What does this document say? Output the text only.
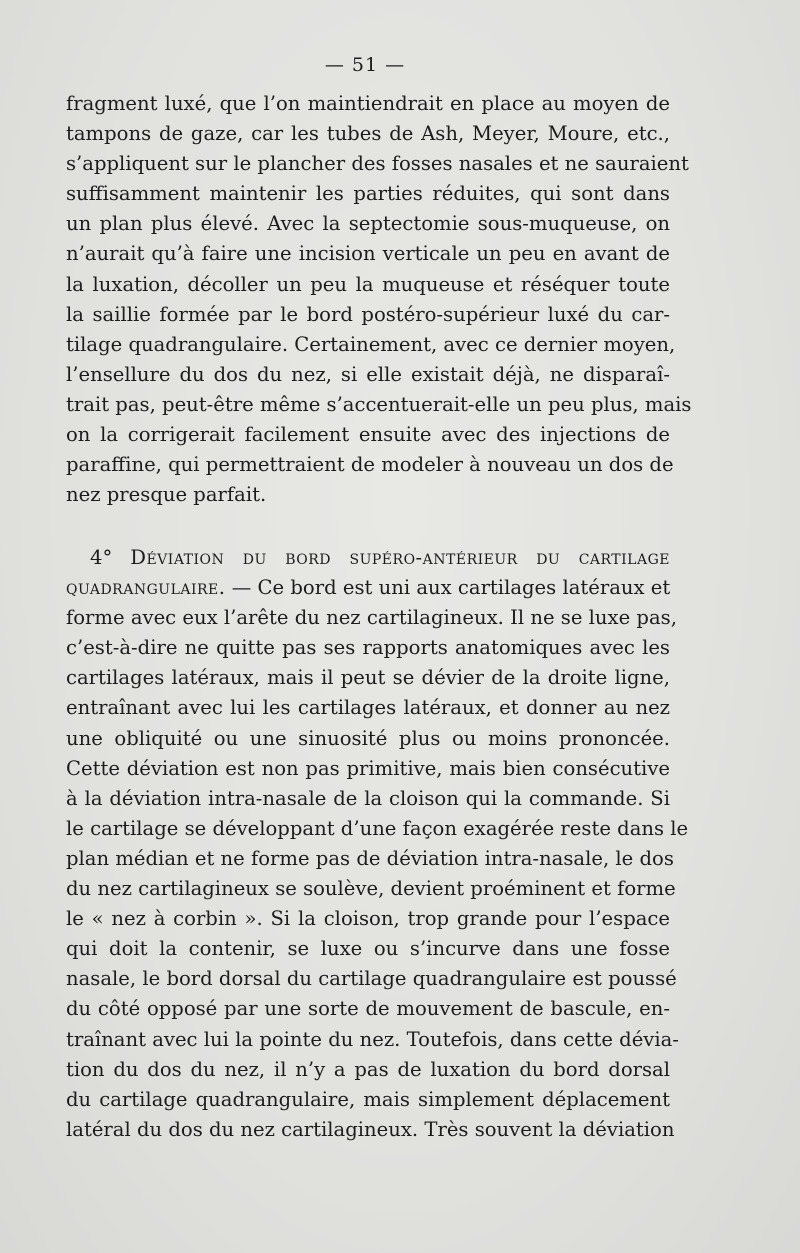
— 51 —
fragment luxé, que l’on maintiendrait en place au moyen de
tampons de gaze, car les tubes de Ash, Meyer, Moure, etc.,
s’appliquent sur le plancher des fosses nasales et ne sauraient
suffisamment maintenir les parties réduites, qui sont dans
un plan plus élevé. Avec la septectomie sous-muqueuse, on
n’aurait qu’à faire une incision verticale un peu en avant de
la luxation, décoller un peu la muqueuse et réséquer toute
la saillie formée par le bord postéro-supérieur luxé du car-
tilage quadrangulaire. Certainement, avec ce dernier moyen,
l’ensellure du dos du nez, si elle existait déjà, ne disparaî-
trait pas, peut-être même s’accentuerait-elle un peu plus, mais
on la corrigerait facilement ensuite avec des injections de
paraffine, qui permettraient de modeler à nouveau un dos de
nez presque parfait.
4° Déviation du bord supéro-antérieur du cartilage
quadrangulaire. — Ce bord est uni aux cartilages latéraux et
forme avec eux l’arête du nez cartilagineux. Il ne se luxe pas,
c’est-à-dire ne quitte pas ses rapports anatomiques avec les
cartilages latéraux, mais il peut se dévier de la droite ligne,
entraînant avec lui les cartilages latéraux, et donner au nez
une obliquité ou une sinuosité plus ou moins prononcée.
Cette déviation est non pas primitive, mais bien consécutive
à la déviation intra-nasale de la cloison qui la commande. Si
le cartilage se développant d’une façon exagérée reste dans le
plan médian et ne forme pas de déviation intra-nasale, le dos
du nez cartilagineux se soulève, devient proéminent et forme
le « nez à corbin ». Si la cloison, trop grande pour l’espace
qui doit la contenir, se luxe ou s’incurve dans une fosse
nasale, le bord dorsal du cartilage quadrangulaire est poussé
du côté opposé par une sorte de mouvement de bascule, en-
traînant avec lui la pointe du nez. Toutefois, dans cette dévia-
tion du dos du nez, il n’y a pas de luxation du bord dorsal
du cartilage quadrangulaire, mais simplement déplacement
latéral du dos du nez cartilagineux. Très souvent la déviation
